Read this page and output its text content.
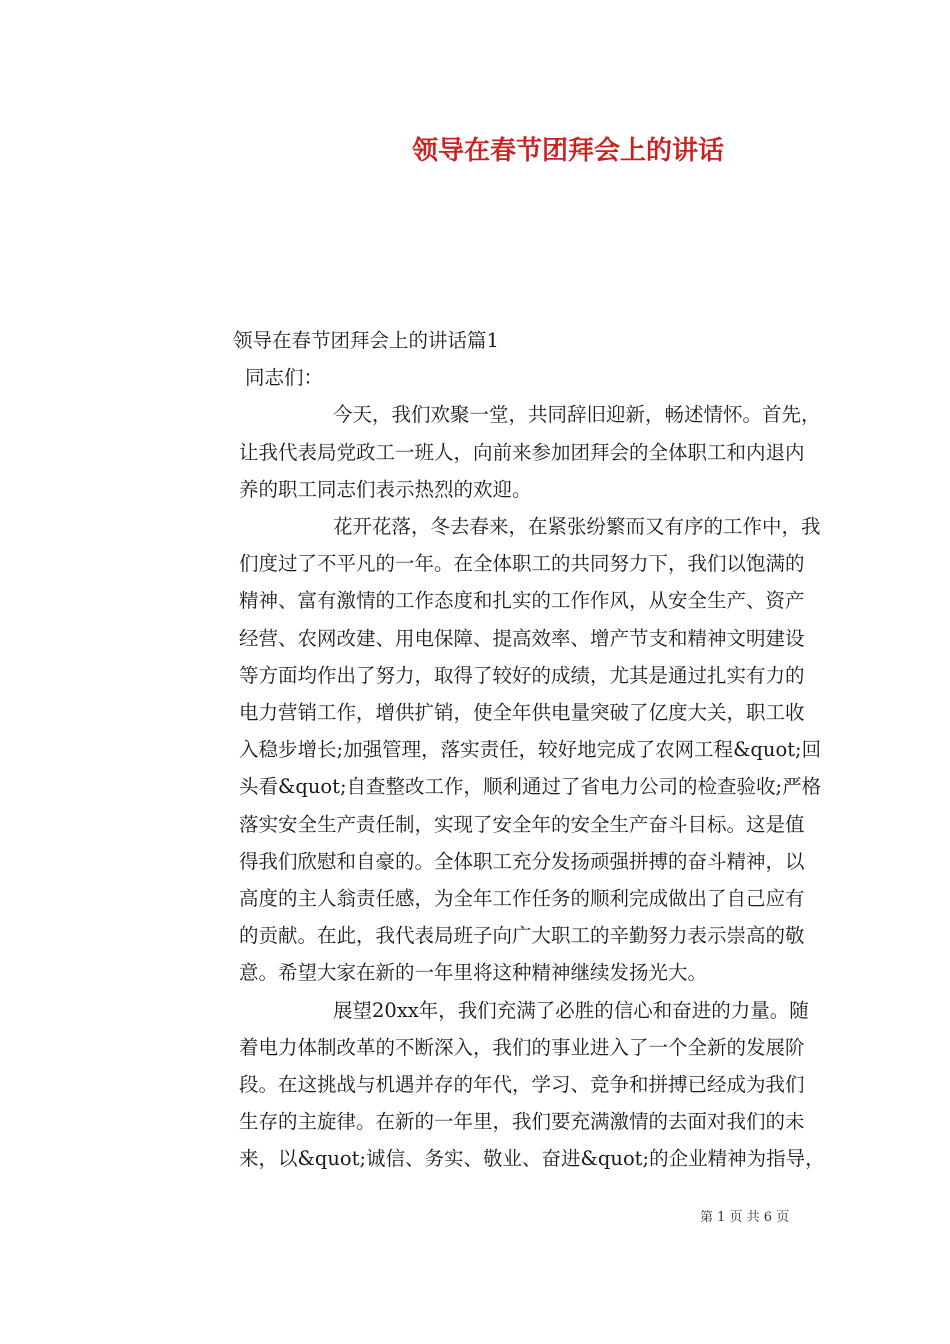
领导在春节团拜会上的讲话
领导在春节团拜会上的讲话篇1
同志们：
今天，我们欢聚一堂，共同辞旧迎新，畅述情怀。首先，
让我代表局党政工一班人，向前来参加团拜会的全体职工和内退内
养的职工同志们表示热烈的欢迎。
花开花落，冬去春来，在紧张纷繁而又有序的工作中，我
们度过了不平凡的一年。在全体职工的共同努力下，我们以饱满的
精神、富有激情的工作态度和扎实的工作作风，从安全生产、资产
经营、农网改建、用电保障、提高效率、增产节支和精神文明建设
等方面均作出了努力，取得了较好的成绩，尤其是通过扎实有力的
电力营销工作，增供扩销，使全年供电量突破了亿度大关，职工收
入稳步增长;加强管理，落实责任，较好地完成了农网工程&quot;回
头看&quot;自查整改工作，顺利通过了省电力公司的检查验收;严格
落实安全生产责任制，实现了安全年的安全生产奋斗目标。这是值
得我们欣慰和自豪的。全体职工充分发扬顽强拼搏的奋斗精神，以
高度的主人翁责任感，为全年工作任务的顺利完成做出了自己应有
的贡献。在此，我代表局班子向广大职工的辛勤努力表示崇高的敬
意。希望大家在新的一年里将这种精神继续发扬光大。
展望20xx年，我们充满了必胜的信心和奋进的力量。随
着电力体制改革的不断深入，我们的事业进入了一个全新的发展阶
段。在这挑战与机遇并存的年代，学习、竞争和拼搏已经成为我们
生存的主旋律。在新的一年里，我们要充满激情的去面对我们的未
来，以&quot;诚信、务实、敬业、奋进&quot;的企业精神为指导，
第 1 页 共 6 页
